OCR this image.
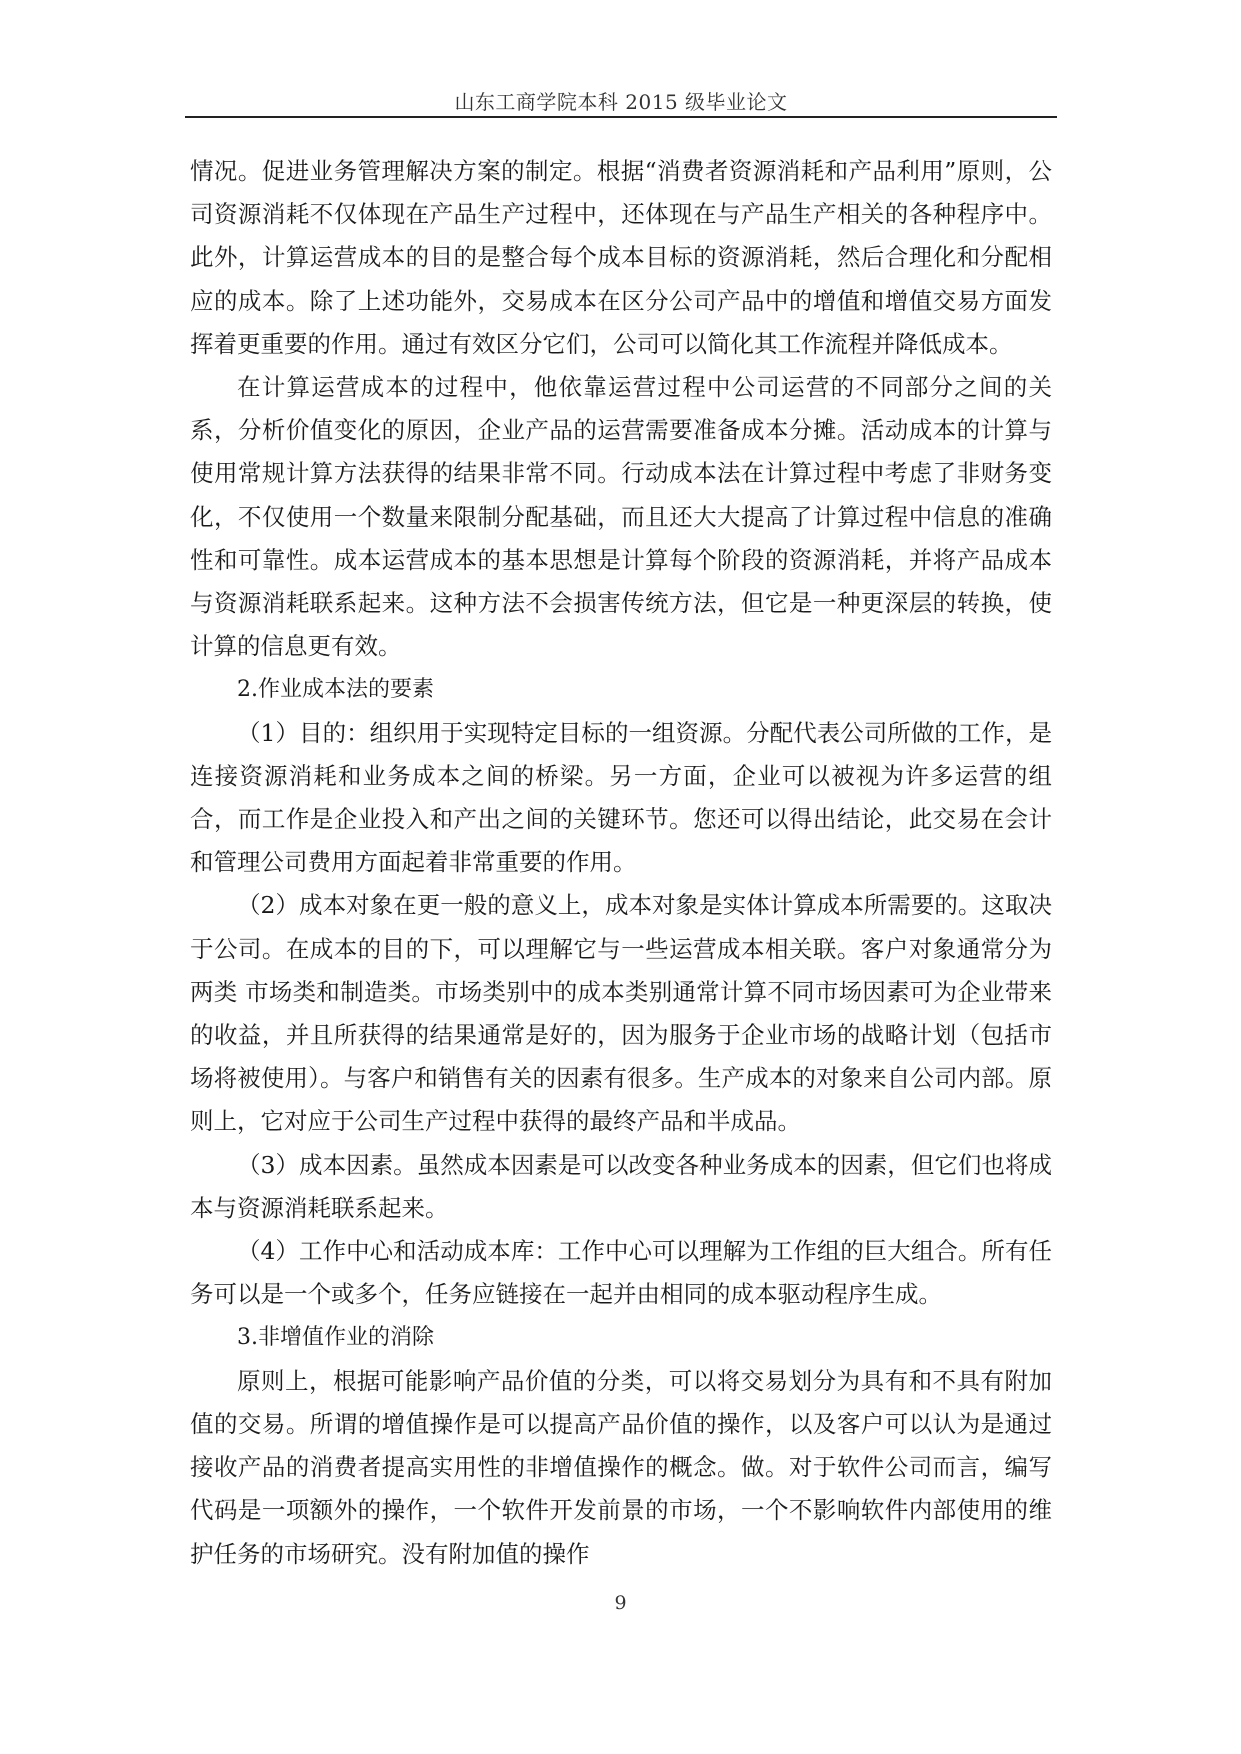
山东工商学院本科 2015 级毕业论文

情况。促进业务管理解决方案的制定。根据“消费者资源消耗和产品利用”原则，公司资源消耗不仅体现在产品生产过程中，还体现在与产品生产相关的各种程序中。此外，计算运营成本的目的是整合每个成本目标的资源消耗，然后合理化和分配相应的成本。除了上述功能外，交易成本在区分公司产品中的增值和增值交易方面发挥着更重要的作用。通过有效区分它们，公司可以简化其工作流程并降低成本。

在计算运营成本的过程中，他依靠运营过程中公司运营的不同部分之间的关系，分析价值变化的原因，企业产品的运营需要准备成本分摊。活动成本的计算与使用常规计算方法获得的结果非常不同。行动成本法在计算过程中考虑了非财务变化，不仅使用一个数量来限制分配基础，而且还大大提高了计算过程中信息的准确性和可靠性。成本运营成本的基本思想是计算每个阶段的资源消耗，并将产品成本与资源消耗联系起来。这种方法不会损害传统方法，但它是一种更深层的转换，使计算的信息更有效。

2.作业成本法的要素

（1）目的：组织用于实现特定目标的一组资源。分配代表公司所做的工作，是连接资源消耗和业务成本之间的桥梁。另一方面，企业可以被视为许多运营的组合，而工作是企业投入和产出之间的关键环节。您还可以得出结论，此交易在会计和管理公司费用方面起着非常重要的作用。

（2）成本对象在更一般的意义上，成本对象是实体计算成本所需要的。这取决于公司。在成本的目的下，可以理解它与一些运营成本相关联。客户对象通常分为两类 市场类和制造类。市场类别中的成本类别通常计算不同市场因素可为企业带来的收益，并且所获得的结果通常是好的，因为服务于企业市场的战略计划（包括市场将被使用）。与客户和销售有关的因素有很多。生产成本的对象来自公司内部。原则上，它对应于公司生产过程中获得的最终产品和半成品。

（3）成本因素。虽然成本因素是可以改变各种业务成本的因素，但它们也将成本与资源消耗联系起来。

（4）工作中心和活动成本库：工作中心可以理解为工作组的巨大组合。所有任务可以是一个或多个，任务应链接在一起并由相同的成本驱动程序生成。

3.非增值作业的消除

原则上，根据可能影响产品价值的分类，可以将交易划分为具有和不具有附加值的交易。所谓的增值操作是可以提高产品价值的操作，以及客户可以认为是通过接收产品的消费者提高实用性的非增值操作的概念。做。对于软件公司而言，编写代码是一项额外的操作，一个软件开发前景的市场，一个不影响软件内部使用的维护任务的市场研究。没有附加值的操作

9
